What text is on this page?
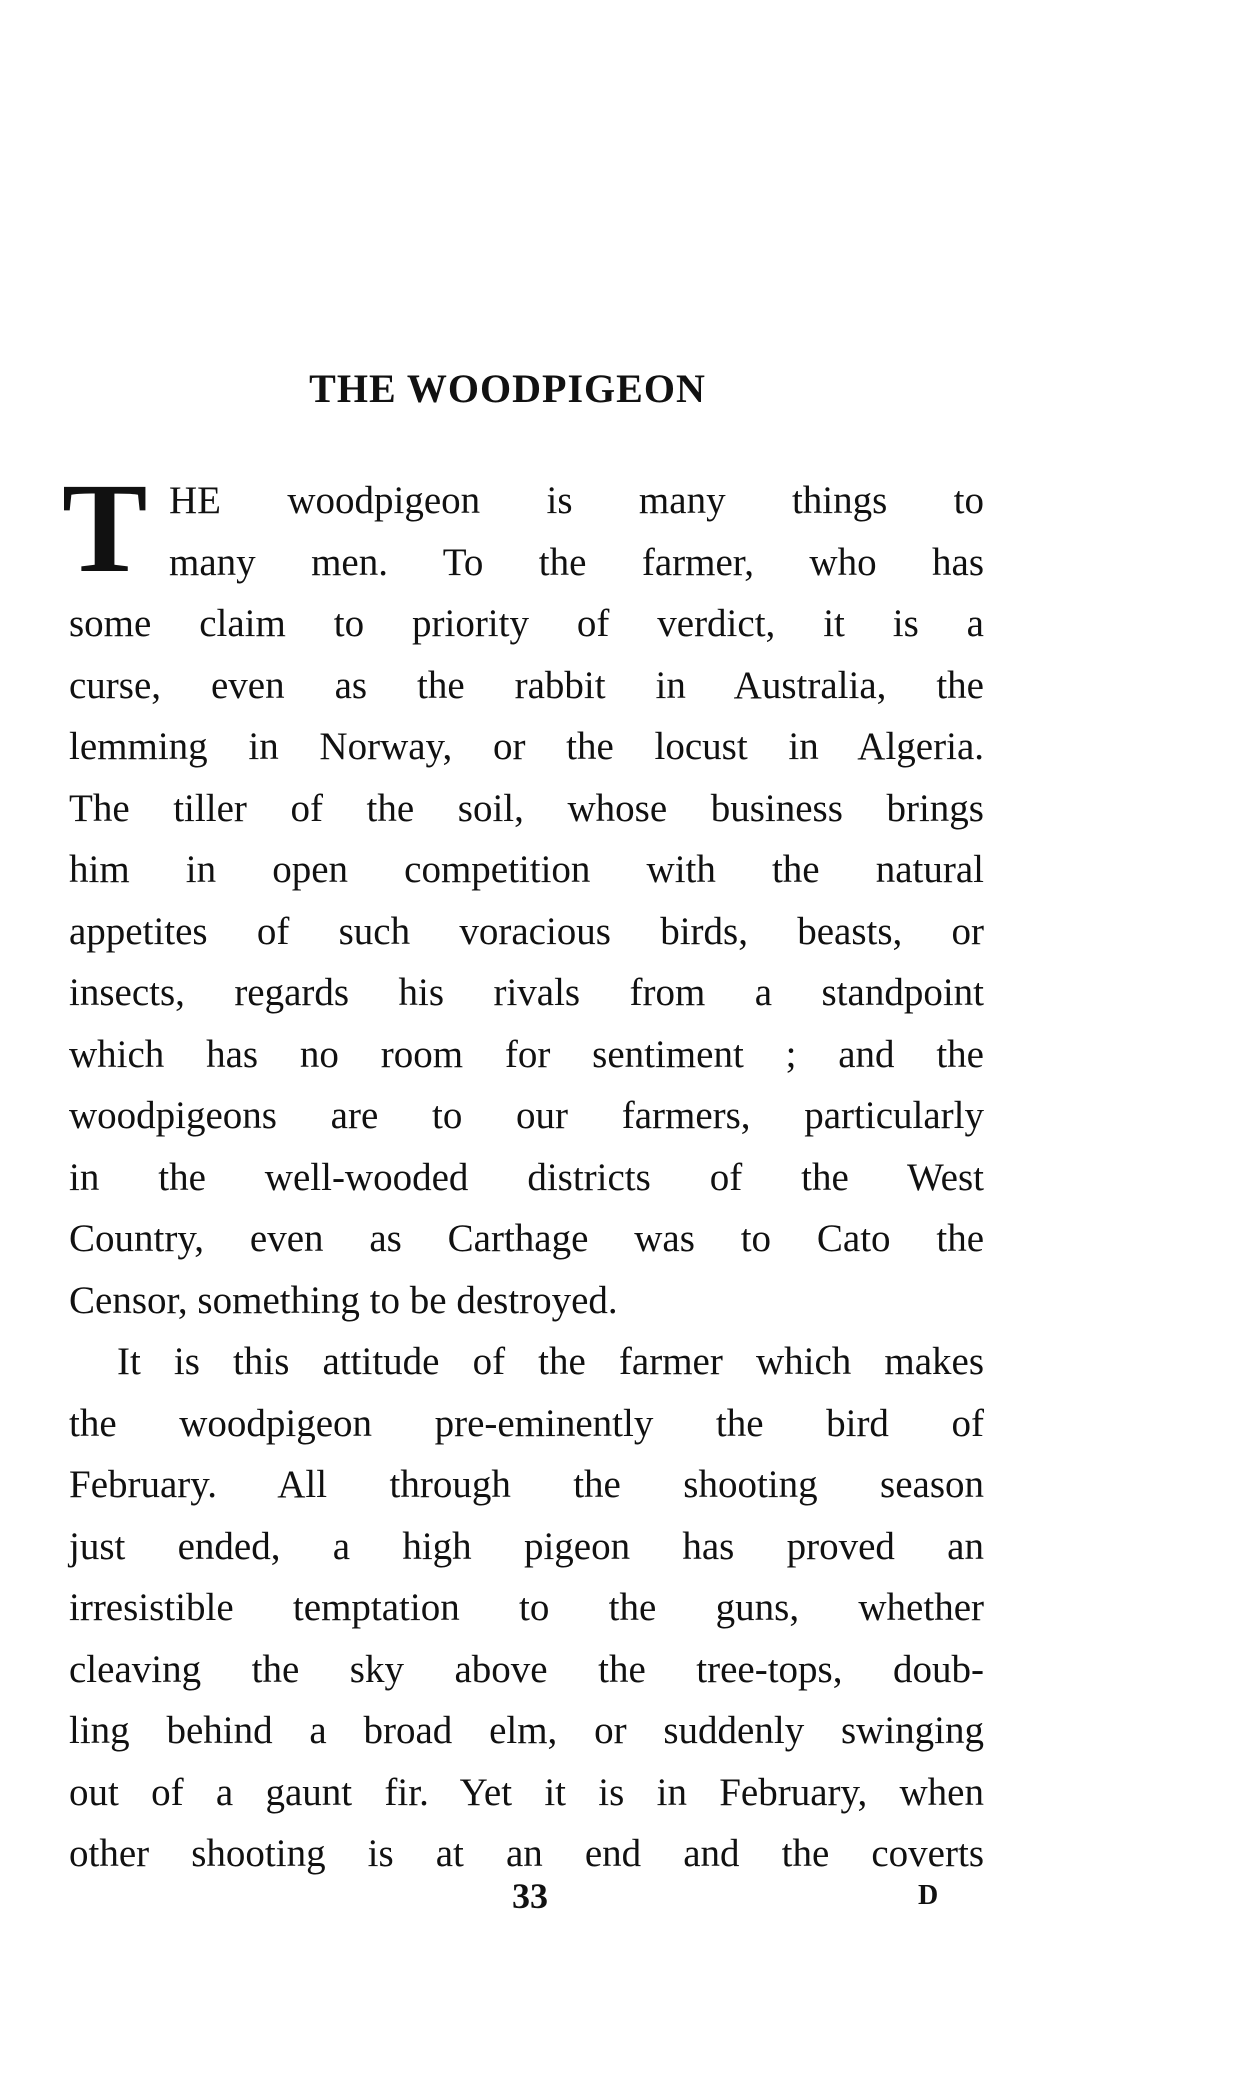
THE WOODPIGEON
T HE woodpigeon is many things to
many men. To the farmer, who has
some claim to priority of verdict, it is a
curse, even as the rabbit in Australia, the
lemming in Norway, or the locust in Algeria.
The tiller of the soil, whose business brings
him in open competition with the natural
appetites of such voracious birds, beasts, or
insects, regards his rivals from a standpoint
which has no room for sentiment ; and the
woodpigeons are to our farmers, particularly
in the well-wooded districts of the West
Country, even as Carthage was to Cato the
Censor, something to be destroyed.
It is this attitude of the farmer which makes
the woodpigeon pre-eminently the bird of
February. All through the shooting season
just ended, a high pigeon has proved an
irresistible temptation to the guns, whether
cleaving the sky above the tree-tops, doub-
ling behind a broad elm, or suddenly swinging
out of a gaunt fir. Yet it is in February, when
other shooting is at an end and the coverts
33	D
